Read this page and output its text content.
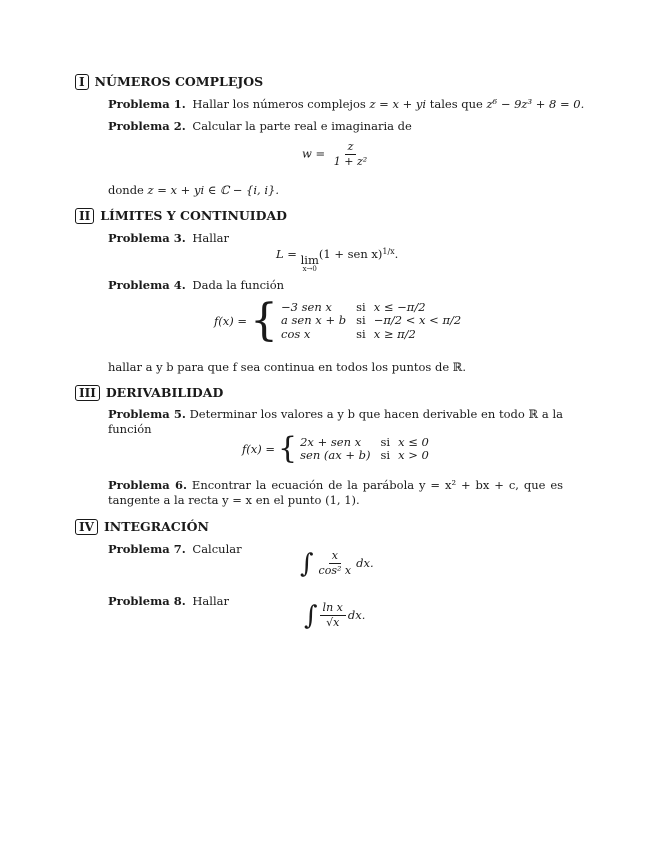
I NÚMEROS COMPLEJOS
Problema 1. Hallar los números complejos z = x + yi tales que z⁶ − 9z³ + 8 = 0.
Problema 2. Calcular la parte real e imaginaria de
$w = \frac{z}{\text{1 + z²}}$
donde z = x + yi ∈ ℂ − {i, i}.
II LÍMITES Y CONTINUIDAD
Problema 3. Hallar
L = lim
x→0
(1 + sen x)$^{1/x}$.
Problema 4. Dada la función
f(x) = { −3 sen x	si	x ≤ −π/2
a sen x + b	si	−π/2 < x < π/2
cos x	si	x ≥ π/2
hallar a y b para que f sea continua en todos los puntos de ℝ.
III DERIVABILIDAD
Problema 5. Determinar los valores a y b que hacen derivable en todo ℝ a la función
f(x) = { 2x + sen x	si	x ≤ 0
sen (ax + b)	si	x > 0
Problema 6. Encontrar la ecuación de la parábola y = x² + bx + c, que es tangente a la recta y = x en el punto (1, 1).
IV INTEGRACIÓN
Problema 7. Calcular ∫ $\frac{x}{\text{cos² x}}$ dx.
Problema 8. Hallar	∫ $\frac{\text{ln x}}{√x}$ dx.
